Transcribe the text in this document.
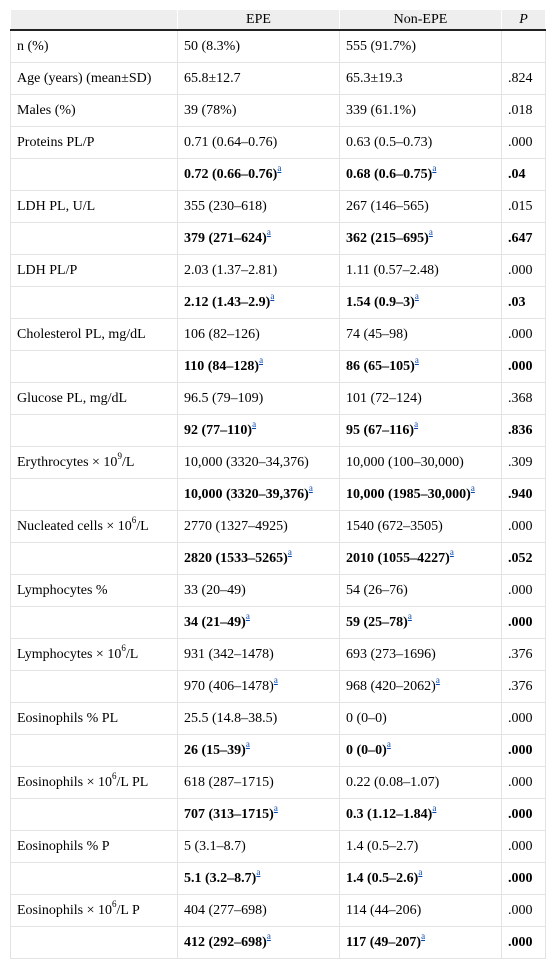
	EPE	Non-EPE	P
n (%)	50 (8.3%)	555 (91.7%)	
Age (years) (mean±SD)	65.8±12.7	65.3±19.3	.824
Males (%)	39 (78%)	339 (61.1%)	.018
Proteins PL/P	0.71 (0.64–0.76)	0.63 (0.5–0.73)	.000
	0.72 (0.66–0.76)$^a$	0.68 (0.6–0.75)$^a$	.04
LDH PL, U/L	355 (230–618)	267 (146–565)	.015
	379 (271–624)$^a$	362 (215–695)$^a$	.647
LDH PL/P	2.03 (1.37–2.81)	1.11 (0.57–2.48)	.000
	2.12 (1.43–2.9)$^a$	1.54 (0.9–3)$^a$	.03
Cholesterol PL, mg/dL	106 (82–126)	74 (45–98)	.000
	110 (84–128)$^a$	86 (65–105)$^a$	.000
Glucose PL, mg/dL	96.5 (79–109)	101 (72–124)	.368
	92 (77–110)$^a$	95 (67–116)$^a$	.836
Erythrocytes × $10^9/L$	10,000 (3320–34,376)	10,000 (100–30,000)	.309
	10,000 (3320–39,376)$^a$	10,000 (1985–30,000)$^a$	.940
Nucleated cells × $10^6/L$	2770 (1327–4925)	1540 (672–3505)	.000
	2820 (1533–5265)$^a$	2010 (1055–4227)$^a$	.052
Lymphocytes %	33 (20–49)	54 (26–76)	.000
	34 (21–49)$^a$	59 (25–78)$^a$	.000
Lymphocytes × $10^6/L$	931 (342–1478)	693 (273–1696)	.376
	970 (406–1478)$^a$	968 (420–2062)$^a$	.376
Eosinophils % PL	25.5 (14.8–38.5)	0 (0–0)	.000
	26 (15–39)$^a$	0 (0–0)$^a$	.000
Eosinophils × $10^6/L$ PL	618 (287–1715)	0.22 (0.08–1.07)	.000
	707 (313–1715)$^a$	0.3 (1.12–1.84)$^a$	.000
Eosinophils % P	5 (3.1–8.7)	1.4 (0.5–2.7)	.000
	5.1 (3.2–8.7)$^a$	1.4 (0.5–2.6)$^a$	.000
Eosinophils × $10^6/L$ P	404 (277–698)	114 (44–206)	.000
	412 (292–698)$^a$	117 (49–207)$^a$	.000
